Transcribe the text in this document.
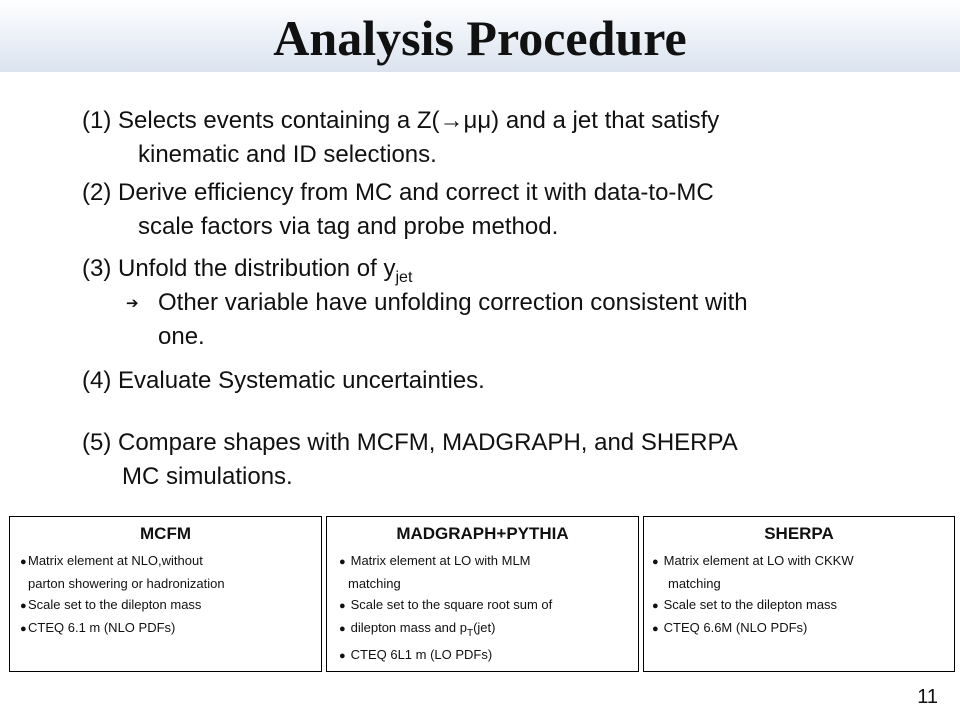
Analysis Procedure
(1) Selects events containing a Z(→μμ) and a jet that satisfy
kinematic and ID selections.
(2) Derive efficiency from MC and correct it with data-to-MC
scale factors via tag and probe method.
(3) Unfold the distribution of $y_{jet}$
➔ Other variable have unfolding correction consistent with
one.
(4) Evaluate Systematic uncertainties.
(5) Compare shapes with MCFM, MADGRAPH, and SHERPA
MC simulations.
MCFM
●Matrix element at NLO,without
parton showering or hadronization
●Scale set to the dilepton mass
●CTEQ 6.1 m (NLO PDFs)
MADGRAPH+PYTHIA
● Matrix element at LO with MLM
matching
● Scale set to the square root sum of
● dilepton mass and $p_T(jet)$
● CTEQ 6L1 m (LO PDFs)
SHERPA
● Matrix element at LO with CKKW
matching
● Scale set to the dilepton mass
● CTEQ 6.6M (NLO PDFs)
11
